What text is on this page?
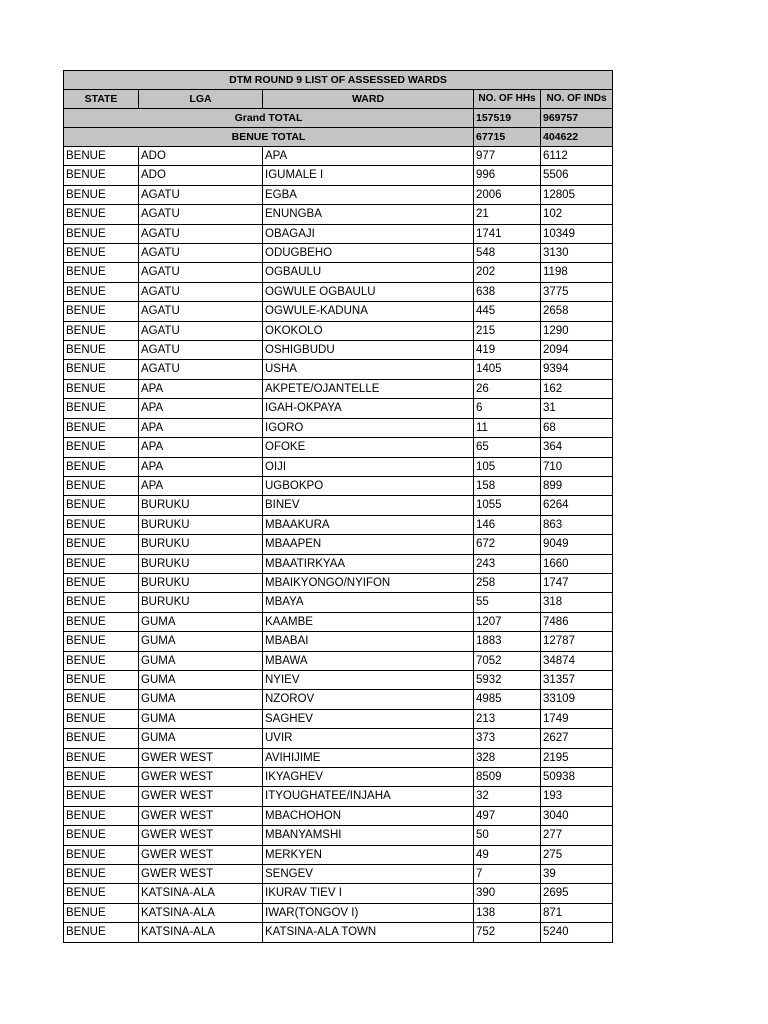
DTM ROUND 9 LIST OF ASSESSED WARDS				
STATE	LGA	WARD	NO. OF HHs	NO. OF INDs
Grand TOTAL			157519	969757
BENUE TOTAL			67715	404622
BENUE	ADO	APA	977	6112
BENUE	ADO	IGUMALE I	996	5506
BENUE	AGATU	EGBA	2006	12805
BENUE	AGATU	ENUNGBA	21	102
BENUE	AGATU	OBAGAJI	1741	10349
BENUE	AGATU	ODUGBEHO	548	3130
BENUE	AGATU	OGBAULU	202	1198
BENUE	AGATU	OGWULE OGBAULU	638	3775
BENUE	AGATU	OGWULE-KADUNA	445	2658
BENUE	AGATU	OKOKOLO	215	1290
BENUE	AGATU	OSHIGBUDU	419	2094
BENUE	AGATU	USHA	1405	9394
BENUE	APA	AKPETE/OJANTELLE	26	162
BENUE	APA	IGAH-OKPAYA	6	31
BENUE	APA	IGORO	11	68
BENUE	APA	OFOKE	65	364
BENUE	APA	OIJI	105	710
BENUE	APA	UGBOKPO	158	899
BENUE	BURUKU	BINEV	1055	6264
BENUE	BURUKU	MBAAKURA	146	863
BENUE	BURUKU	MBAAPEN	672	9049
BENUE	BURUKU	MBAATIRKYAA	243	1660
BENUE	BURUKU	MBAIKYONGO/NYIFON	258	1747
BENUE	BURUKU	MBAYA	55	318
BENUE	GUMA	KAAMBE	1207	7486
BENUE	GUMA	MBABAI	1883	12787
BENUE	GUMA	MBAWA	7052	34874
BENUE	GUMA	NYIEV	5932	31357
BENUE	GUMA	NZOROV	4985	33109
BENUE	GUMA	SAGHEV	213	1749
BENUE	GUMA	UVIR	373	2627
BENUE	GWER WEST	AVIHIJIME	328	2195
BENUE	GWER WEST	IKYAGHEV	8509	50938
BENUE	GWER WEST	ITYOUGHATEE/INJAHA	32	193
BENUE	GWER WEST	MBACHOHON	497	3040
BENUE	GWER WEST	MBANYAMSHI	50	277
BENUE	GWER WEST	MERKYEN	49	275
BENUE	GWER WEST	SENGEV	7	39
BENUE	KATSINA-ALA	IKURAV TIEV I	390	2695
BENUE	KATSINA-ALA	IWAR(TONGOV I)	138	871
BENUE	KATSINA-ALA	KATSINA-ALA TOWN	752	5240
